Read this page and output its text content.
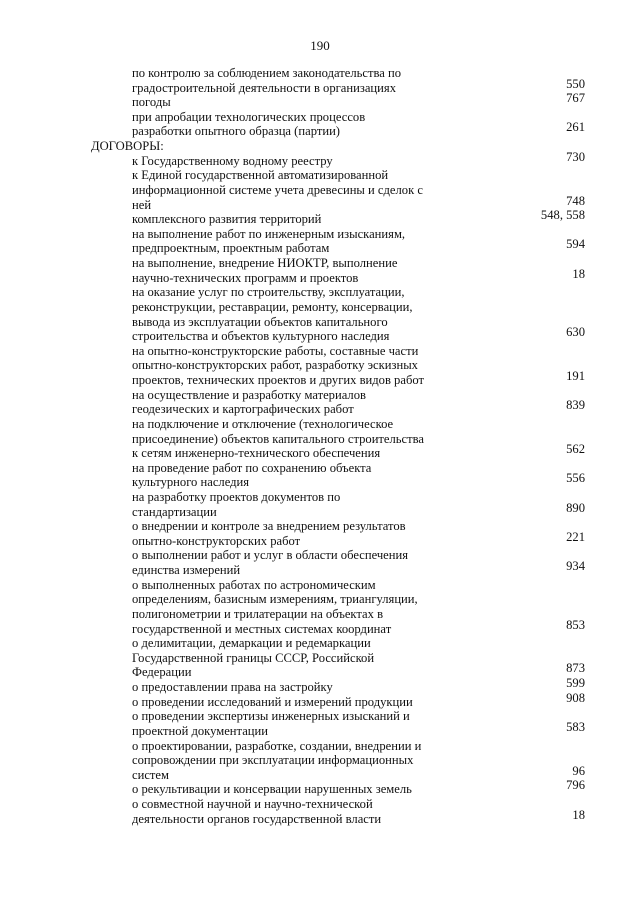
190
по контролю за соблюдением законодательства по
градостроительной деятельности в организациях	550
погоды	767
при апробации технологических процессов
разработки опытного образца (партии)	261
ДОГОВОРЫ:
к Государственному водному реестру	730
к Единой государственной автоматизированной
информационной системе учета древесины и сделок с
ней	748
комплексного развития территорий	548, 558
на выполнение работ по инженерным изысканиям,
предпроектным, проектным работам	594
на выполнение, внедрение НИОКТР, выполнение
научно-технических программ и проектов	18
на оказание услуг по строительству, эксплуатации,
реконструкции, реставрации, ремонту, консервации,
вывода из эксплуатации объектов капитального
строительства и объектов культурного наследия	630
на опытно-конструкторские работы, составные части
опытно-конструкторских работ, разработку эскизных
проектов, технических проектов и других видов работ	191
на осуществление и разработку материалов
геодезических и картографических работ	839
на подключение и отключение (технологическое
присоединение) объектов капитального строительства
к сетям инженерно-технического обеспечения	562
на проведение работ по сохранению объекта
культурного наследия	556
на разработку проектов документов по
стандартизации	890
о внедрении и контроле за внедрением результатов
опытно-конструкторских работ	221
о выполнении работ и услуг в области обеспечения
единства измерений	934
о выполненных работах по астрономическим
определениям, базисным измерениям, триангуляции,
полигонометрии и трилатерации на объектах в
государственной и местных системах координат	853
о делимитации, демаркации и редемаркации
Государственной границы СССР, Российской
Федерации	873
о предоставлении права на застройку	599
о проведении исследований и измерений продукции	908
о проведении экспертизы инженерных изысканий и
проектной документации	583
о проектировании, разработке, создании, внедрении и
сопровождении при эксплуатации информационных
систем	96
о рекультивации и консервации нарушенных земель	796
о совместной научной и научно-технической
деятельности органов государственной власти	18
